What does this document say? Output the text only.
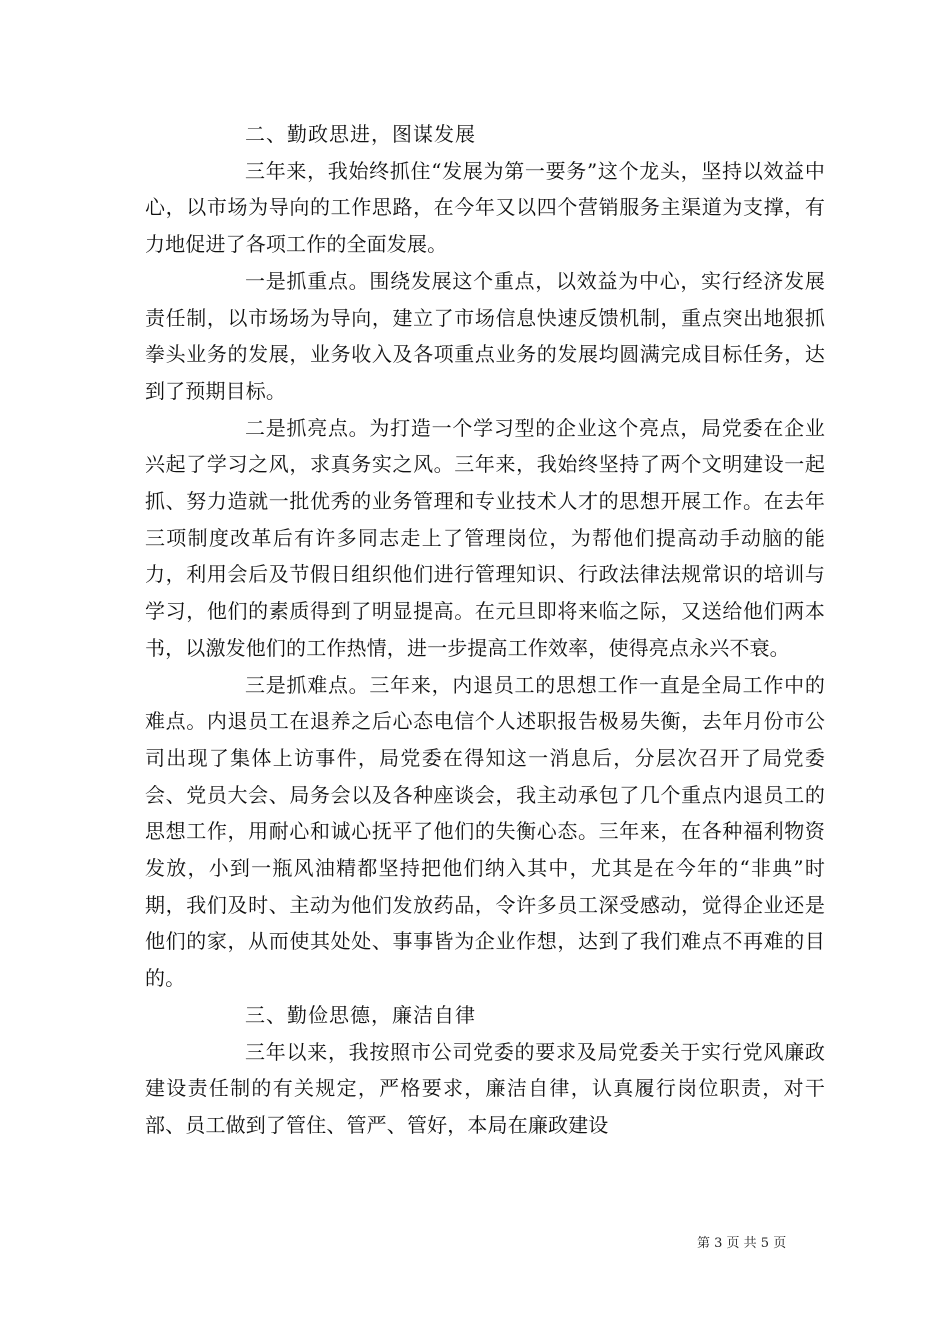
二、勤政思进，图谋发展

三年来，我始终抓住“发展为第一要务”这个龙头，坚持以效益中心，以市场为导向的工作思路，在今年又以四个营销服务主渠道为支撑，有力地促进了各项工作的全面发展。

一是抓重点。围绕发展这个重点，以效益为中心，实行经济发展责任制，以市场场为导向，建立了市场信息快速反馈机制，重点突出地狠抓拳头业务的发展，业务收入及各项重点业务的发展均圆满完成目标任务，达到了预期目标。

二是抓亮点。为打造一个学习型的企业这个亮点，局党委在企业兴起了学习之风，求真务实之风。三年来，我始终坚持了两个文明建设一起抓、努力造就一批优秀的业务管理和专业技术人才的思想开展工作。在去年三项制度改革后有许多同志走上了管理岗位，为帮他们提高动手动脑的能力，利用会后及节假日组织他们进行管理知识、行政法律法规常识的培训与学习，他们的素质得到了明显提高。在元旦即将来临之际，又送给他们两本书，以激发他们的工作热情，进一步提高工作效率，使得亮点永兴不衰。

三是抓难点。三年来，内退员工的思想工作一直是全局工作中的难点。内退员工在退养之后心态电信个人述职报告极易失衡，去年月份市公司出现了集体上访事件，局党委在得知这一消息后，分层次召开了局党委会、党员大会、局务会以及各种座谈会，我主动承包了几个重点内退员工的思想工作，用耐心和诚心抚平了他们的失衡心态。三年来，在各种福利物资发放，小到一瓶风油精都坚持把他们纳入其中，尤其是在今年的“非典”时期，我们及时、主动为他们发放药品，令许多员工深受感动，觉得企业还是他们的家，从而使其处处、事事皆为企业作想，达到了我们难点不再难的目的。

三、勤俭思德，廉洁自律

三年以来，我按照市公司党委的要求及局党委关于实行党风廉政建设责任制的有关规定，严格要求，廉洁自律，认真履行岗位职责，对干部、员工做到了管住、管严、管好，本局在廉政建设

第 3 页 共 5 页
